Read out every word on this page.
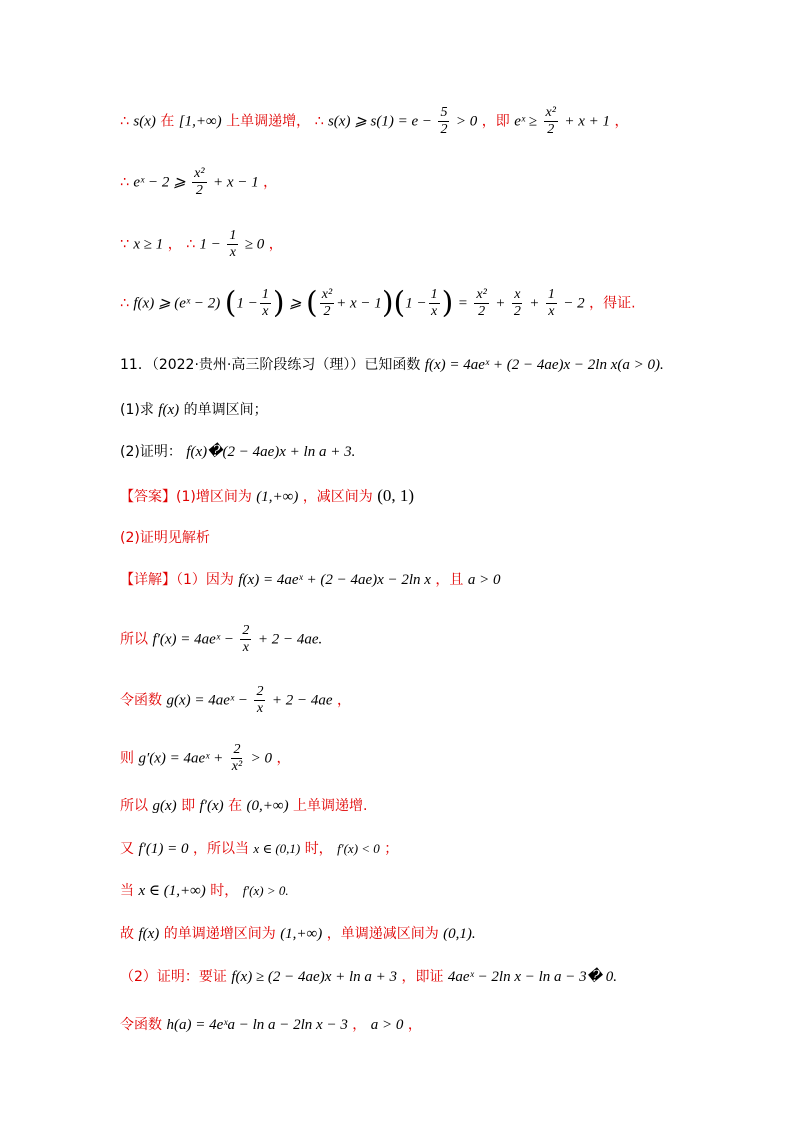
∴ s(x) 在 [1,+∞) 上单调递增， ∴ s(x) ⩾ $s(1) = e - \frac{5}{2} > 0$ ，即 eˣ ≥ $\frac{\text{x²}}{2} + x + 1$ ，
∴ eˣ − 2 ⩾ $\frac{\text{x²}}{2} + x - 1$ ，
∵ x ≥ 1 ， ∴ $1 - \frac{1}{x} \ge 0$ ，
∴ f(x) ⩾ (eˣ − 2) ($1 - \frac{1}{x}$ ) ⩾ ( $\frac{\text{x²}}{2} + x - 1)(1 - \frac{1}{x}$ ) = $\frac{\text{x²}}{2} + \frac{x}{2} + \frac{1}{x} - 2$ ，得证.
11．（2022·贵州·高三阶段练习（理））已知函数 f(x) = 4aeˣ + (2 − 4ae)x − 2ln x(a > 0).
(1)求 f(x) 的单调区间；
(2)证明： f(x)�(2 − 4ae)x + ln a + 3.
【答案】(1)增区间为 (1,+∞) ，减区间为 (0, 1)
(2)证明见解析
【详解】（1）因为 f(x) = 4aeˣ + (2 − 4ae)x − 2ln x ，且 a > 0
所以 f′(x) = 4aeˣ − $\frac{2}{x} + 2 - 4ae$.
令函数 g(x) = 4aeˣ − $\frac{2}{x} + 2 - 4ae$ ，
则 g′(x) = 4aeˣ + $\frac{2}{\text{x²}} > 0$ ，
所以 g(x) 即 f′(x) 在 (0,+∞) 上单调递增.
又 f′(1) = 0 ，所以当 x ∈ (0,1) 时， f′(x) < 0 ；
当 x ∈ (1,+∞) 时， f′(x) > 0.
故 f(x) 的单调递增区间为 (1,+∞) ，单调递减区间为 (0,1).
（2）证明：要证 f(x) ≥ (2 − 4ae)x + ln a + 3 ，即证 4aeˣ − 2ln x − ln a − 3� 0.
令函数 h(a) = 4eˣa − ln a − 2ln x − 3 ， a > 0 ，
